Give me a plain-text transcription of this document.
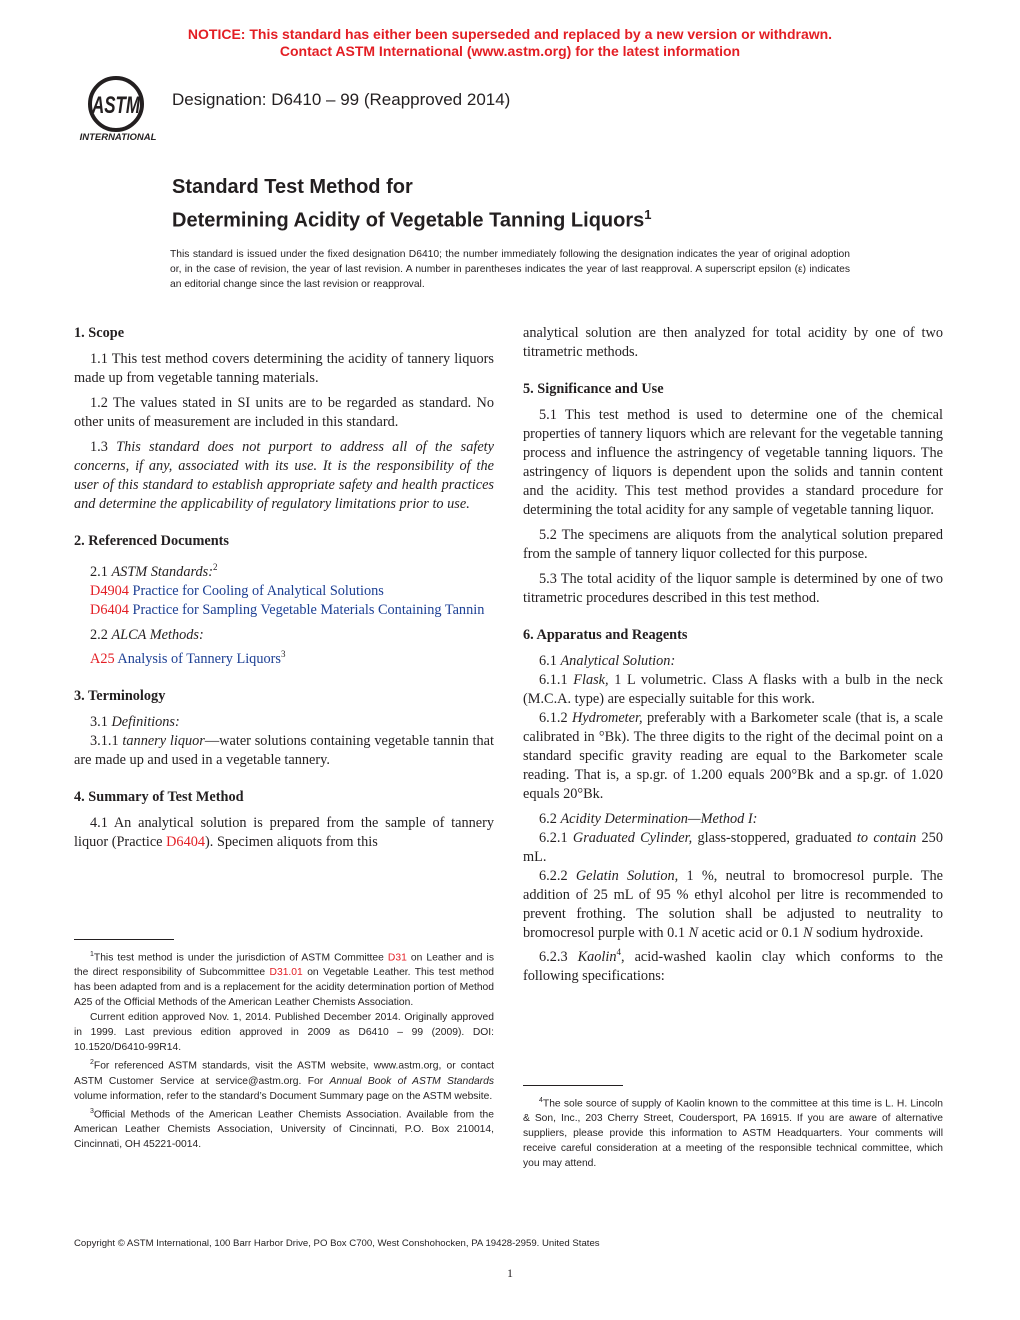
NOTICE: This standard has either been superseded and replaced by a new version or withdrawn.
Contact ASTM International (www.astm.org) for the latest information
ASTM
INTERNATIONAL
Designation: D6410 – 99 (Reapproved 2014)
Standard Test Method for
Determining Acidity of Vegetable Tanning Liquors$^1$
This standard is issued under the fixed designation D6410; the number immediately following the designation indicates the year of original adoption or, in the case of revision, the year of last revision. A number in parentheses indicates the year of last reapproval. A superscript epsilon (ε) indicates an editorial change since the last revision or reapproval.
1. Scope

1.1 This test method covers determining the acidity of tannery liquors made up from vegetable tanning materials.

1.2 The values stated in SI units are to be regarded as standard. No other units of measurement are included in this standard.

1.3 This standard does not purport to address all of the safety concerns, if any, associated with its use. It is the responsibility of the user of this standard to establish appropriate safety and health practices and determine the applicability of regulatory limitations prior to use.

2. Referenced Documents

2.1 ASTM Standards:$^2$

D4904 Practice for Cooling of Analytical Solutions

D6404 Practice for Sampling Vegetable Materials Containing Tannin

2.2 ALCA Methods:

A25 Analysis of Tannery Liquors$^3$

3. Terminology

3.1 Definitions:

3.1.1 tannery liquor—water solutions containing vegetable tannin that are made up and used in a vegetable tannery.

4. Summary of Test Method

4.1 An analytical solution is prepared from the sample of tannery liquor (Practice D6404). Specimen aliquots from this

analytical solution are then analyzed for total acidity by one of two titrametric methods.

5. Significance and Use

5.1 This test method is used to determine one of the chemical properties of tannery liquors which are relevant for the vegetable tanning process and influence the astringency of vegetable tanning liquors. The astringency of liquors is dependent upon the solids and tannin content and the acidity. This test method provides a standard procedure for determining the total acidity for any sample of vegetable tanning liquor.

5.2 The specimens are aliquots from the analytical solution prepared from the sample of tannery liquor collected for this purpose.

5.3 The total acidity of the liquor sample is determined by one of two titrametric procedures described in this test method.

6. Apparatus and Reagents

6.1 Analytical Solution:

6.1.1 Flask, 1 L volumetric. Class A flasks with a bulb in the neck (M.C.A. type) are especially suitable for this work.

6.1.2 Hydrometer, preferably with a Barkometer scale (that is, a scale calibrated in °Bk). The three digits to the right of the decimal point on a standard specific gravity reading are equal to the Barkometer scale reading. That is, a sp.gr. of 1.200 equals 200°Bk and a sp.gr. of 1.020 equals 20°Bk.

6.2 Acidity Determination—Method I:

6.2.1 Graduated Cylinder, glass-stoppered, graduated to contain 250 mL.

6.2.2 Gelatin Solution, 1 %, neutral to bromocresol purple. The addition of 25 mL of 95 % ethyl alcohol per litre is recommended to prevent frothing. The solution shall be adjusted to neutrality to bromocresol purple with 0.1 N acetic acid or 0.1 N sodium hydroxide.

6.2.3 Kaolin$^4$, acid-washed kaolin clay which conforms to the following specifications:

$^1$This test method is under the jurisdiction of ASTM Committee D31 on Leather and is the direct responsibility of Subcommittee D31.01 on Vegetable Leather. This test method has been adapted from and is a replacement for the acidity determination portion of Method A25 of the Official Methods of the American Leather Chemists Association.

Current edition approved Nov. 1, 2014. Published December 2014. Originally approved in 1999. Last previous edition approved in 2009 as D6410 – 99 (2009). DOI: 10.1520/D6410-99R14.

$^2$For referenced ASTM standards, visit the ASTM website, www.astm.org, or contact ASTM Customer Service at service@astm.org. For Annual Book of ASTM Standards volume information, refer to the standard’s Document Summary page on the ASTM website.

$^3$Official Methods of the American Leather Chemists Association. Available from the American Leather Chemists Association, University of Cincinnati, P.O. Box 210014, Cincinnati, OH 45221-0014.

$^4$The sole source of supply of Kaolin known to the committee at this time is L. H. Lincoln & Son, Inc., 203 Cherry Street, Coudersport, PA 16915. If you are aware of alternative suppliers, please provide this information to ASTM Headquarters. Your comments will receive careful consideration at a meeting of the responsible technical committee, which you may attend.

Copyright © ASTM International, 100 Barr Harbor Drive, PO Box C700, West Conshohocken, PA 19428-2959. United States
1
